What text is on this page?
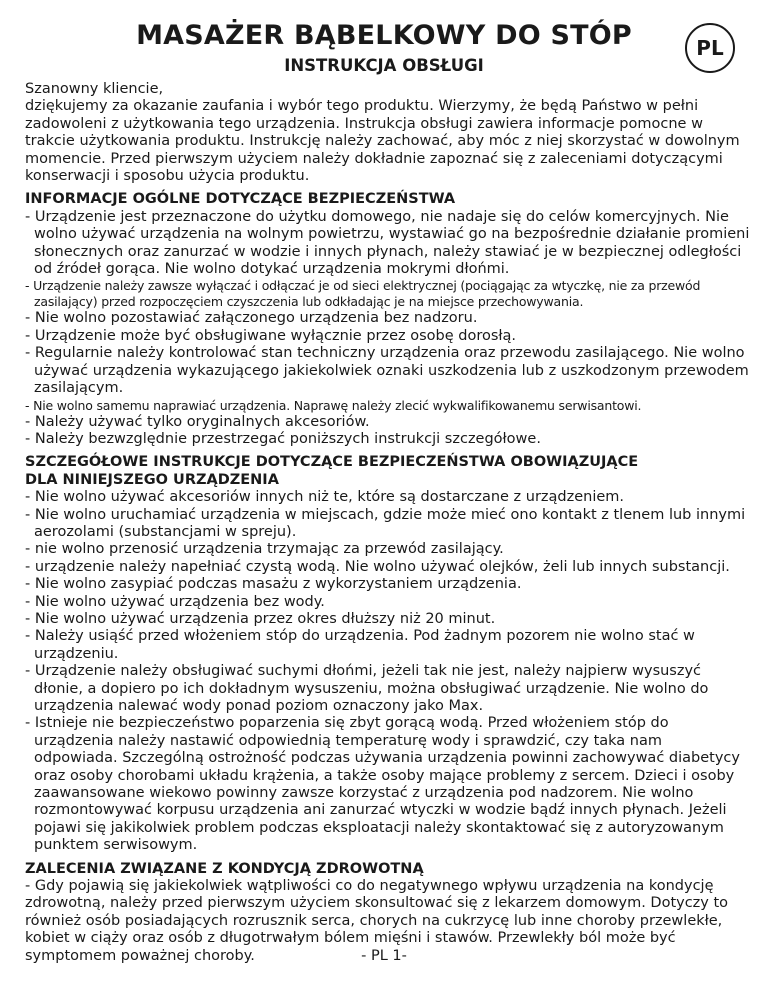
MASAŻER BĄBELKOWY DO STÓP
INSTRUKCJA OBSŁUGI
PL

Szanowny kliencie,

dziękujemy za okazanie zaufania i wybór tego produktu. Wierzymy, że będą Państwo w pełni zadowoleni z użytkowania tego urządzenia. Instrukcja obsługi zawiera informacje pomocne w trakcie użytkowania produktu. Instrukcję należy zachować, aby móc z niej skorzystać w dowolnym momencie. Przed pierwszym użyciem należy dokładnie zapoznać się z zaleceniami dotyczącymi konserwacji i sposobu użycia produktu.

INFORMACJE OGÓLNE DOTYCZĄCE BEZPIECZEŃSTWA
- Urządzenie jest przeznaczone do użytku domowego, nie nadaje się do celów komercyjnych. Nie wolno używać urządzenia na wolnym powietrzu, wystawiać go na bezpośrednie działanie promieni słonecznych oraz zanurzać w wodzie i innych płynach, należy stawiać je w bezpiecznej odległości od źródeł gorąca. Nie wolno dotykać urządzenia mokrymi dłońmi.
- Urządzenie należy zawsze wyłączać i odłączać je od sieci elektrycznej (pociągając za wtyczkę, nie za przewód zasilający) przed rozpoczęciem czyszczenia lub odkładając je na miejsce przechowywania.
- Nie wolno pozostawiać załączonego urządzenia bez nadzoru.
- Urządzenie może być obsługiwane wyłącznie przez osobę dorosłą.
- Regularnie należy kontrolować stan techniczny urządzenia oraz przewodu zasilającego. Nie wolno używać urządzenia wykazującego jakiekolwiek oznaki uszkodzenia lub z uszkodzonym przewodem zasilającym.
- Nie wolno samemu naprawiać urządzenia. Naprawę należy zlecić wykwalifikowanemu serwisantowi.
- Należy używać tylko oryginalnych akcesoriów.
- Należy bezwzględnie przestrzegać poniższych instrukcji szczegółowe.
SZCZEGÓŁOWE INSTRUKCJE DOTYCZĄCE BEZPIECZEŃSTWA OBOWIĄZUJĄCE
DLA NINIEJSZEGO URZĄDZENIA
- Nie wolno używać akcesoriów innych niż te, które są dostarczane z urządzeniem.
- Nie wolno uruchamiać urządzenia w miejscach, gdzie może mieć ono kontakt z tlenem lub innymi aerozolami (substancjami w spreju).
- nie wolno przenosić urządzenia trzymając za przewód zasilający.
- urządzenie należy napełniać czystą wodą. Nie wolno używać olejków, żeli lub innych substancji.
- Nie wolno zasypiać podczas masażu z wykorzystaniem urządzenia.
- Nie wolno używać urządzenia bez wody.
- Nie wolno używać urządzenia przez okres dłuższy niż 20 minut.
- Należy usiąść przed włożeniem stóp do urządzenia. Pod żadnym pozorem nie wolno stać w urządzeniu.
- Urządzenie należy obsługiwać suchymi dłońmi, jeżeli tak nie jest, należy najpierw wysuszyć dłonie, a dopiero po ich dokładnym wysuszeniu, można obsługiwać urządzenie. Nie wolno do urządzenia nalewać wody ponad poziom oznaczony jako Max.
- Istnieje nie bezpieczeństwo poparzenia się zbyt gorącą wodą. Przed włożeniem stóp do urządzenia należy nastawić odpowiednią temperaturę wody i sprawdzić, czy taka nam odpowiada. Szczególną ostrożność podczas używania urządzenia powinni zachowywać diabetycy oraz osoby chorobami układu krążenia, a także osoby mające problemy z sercem. Dzieci i osoby zaawansowane wiekowo powinny zawsze korzystać z urządzenia pod nadzorem. Nie wolno rozmontowywać korpusu urządzenia ani zanurzać wtyczki w wodzie bądź innych płynach. Jeżeli pojawi się jakikolwiek problem podczas eksploatacji należy skontaktować się z autoryzowanym punktem serwisowym.
ZALECENIA ZWIĄZANE Z KONDYCJĄ ZDROWOTNĄ

- Gdy pojawią się jakiekolwiek wątpliwości co do negatywnego wpływu urządzenia na kondycję zdrowotną, należy przed pierwszym użyciem skonsultować się z lekarzem domowym. Dotyczy to również osób posiadających rozrusznik serca, chorych na cukrzycę lub inne choroby przewlekłe, kobiet w ciąży oraz osób z długotrwałym bólem mięśni i stawów. Przewlekły ból może być symptomem poważnej choroby.	- PL 1-
